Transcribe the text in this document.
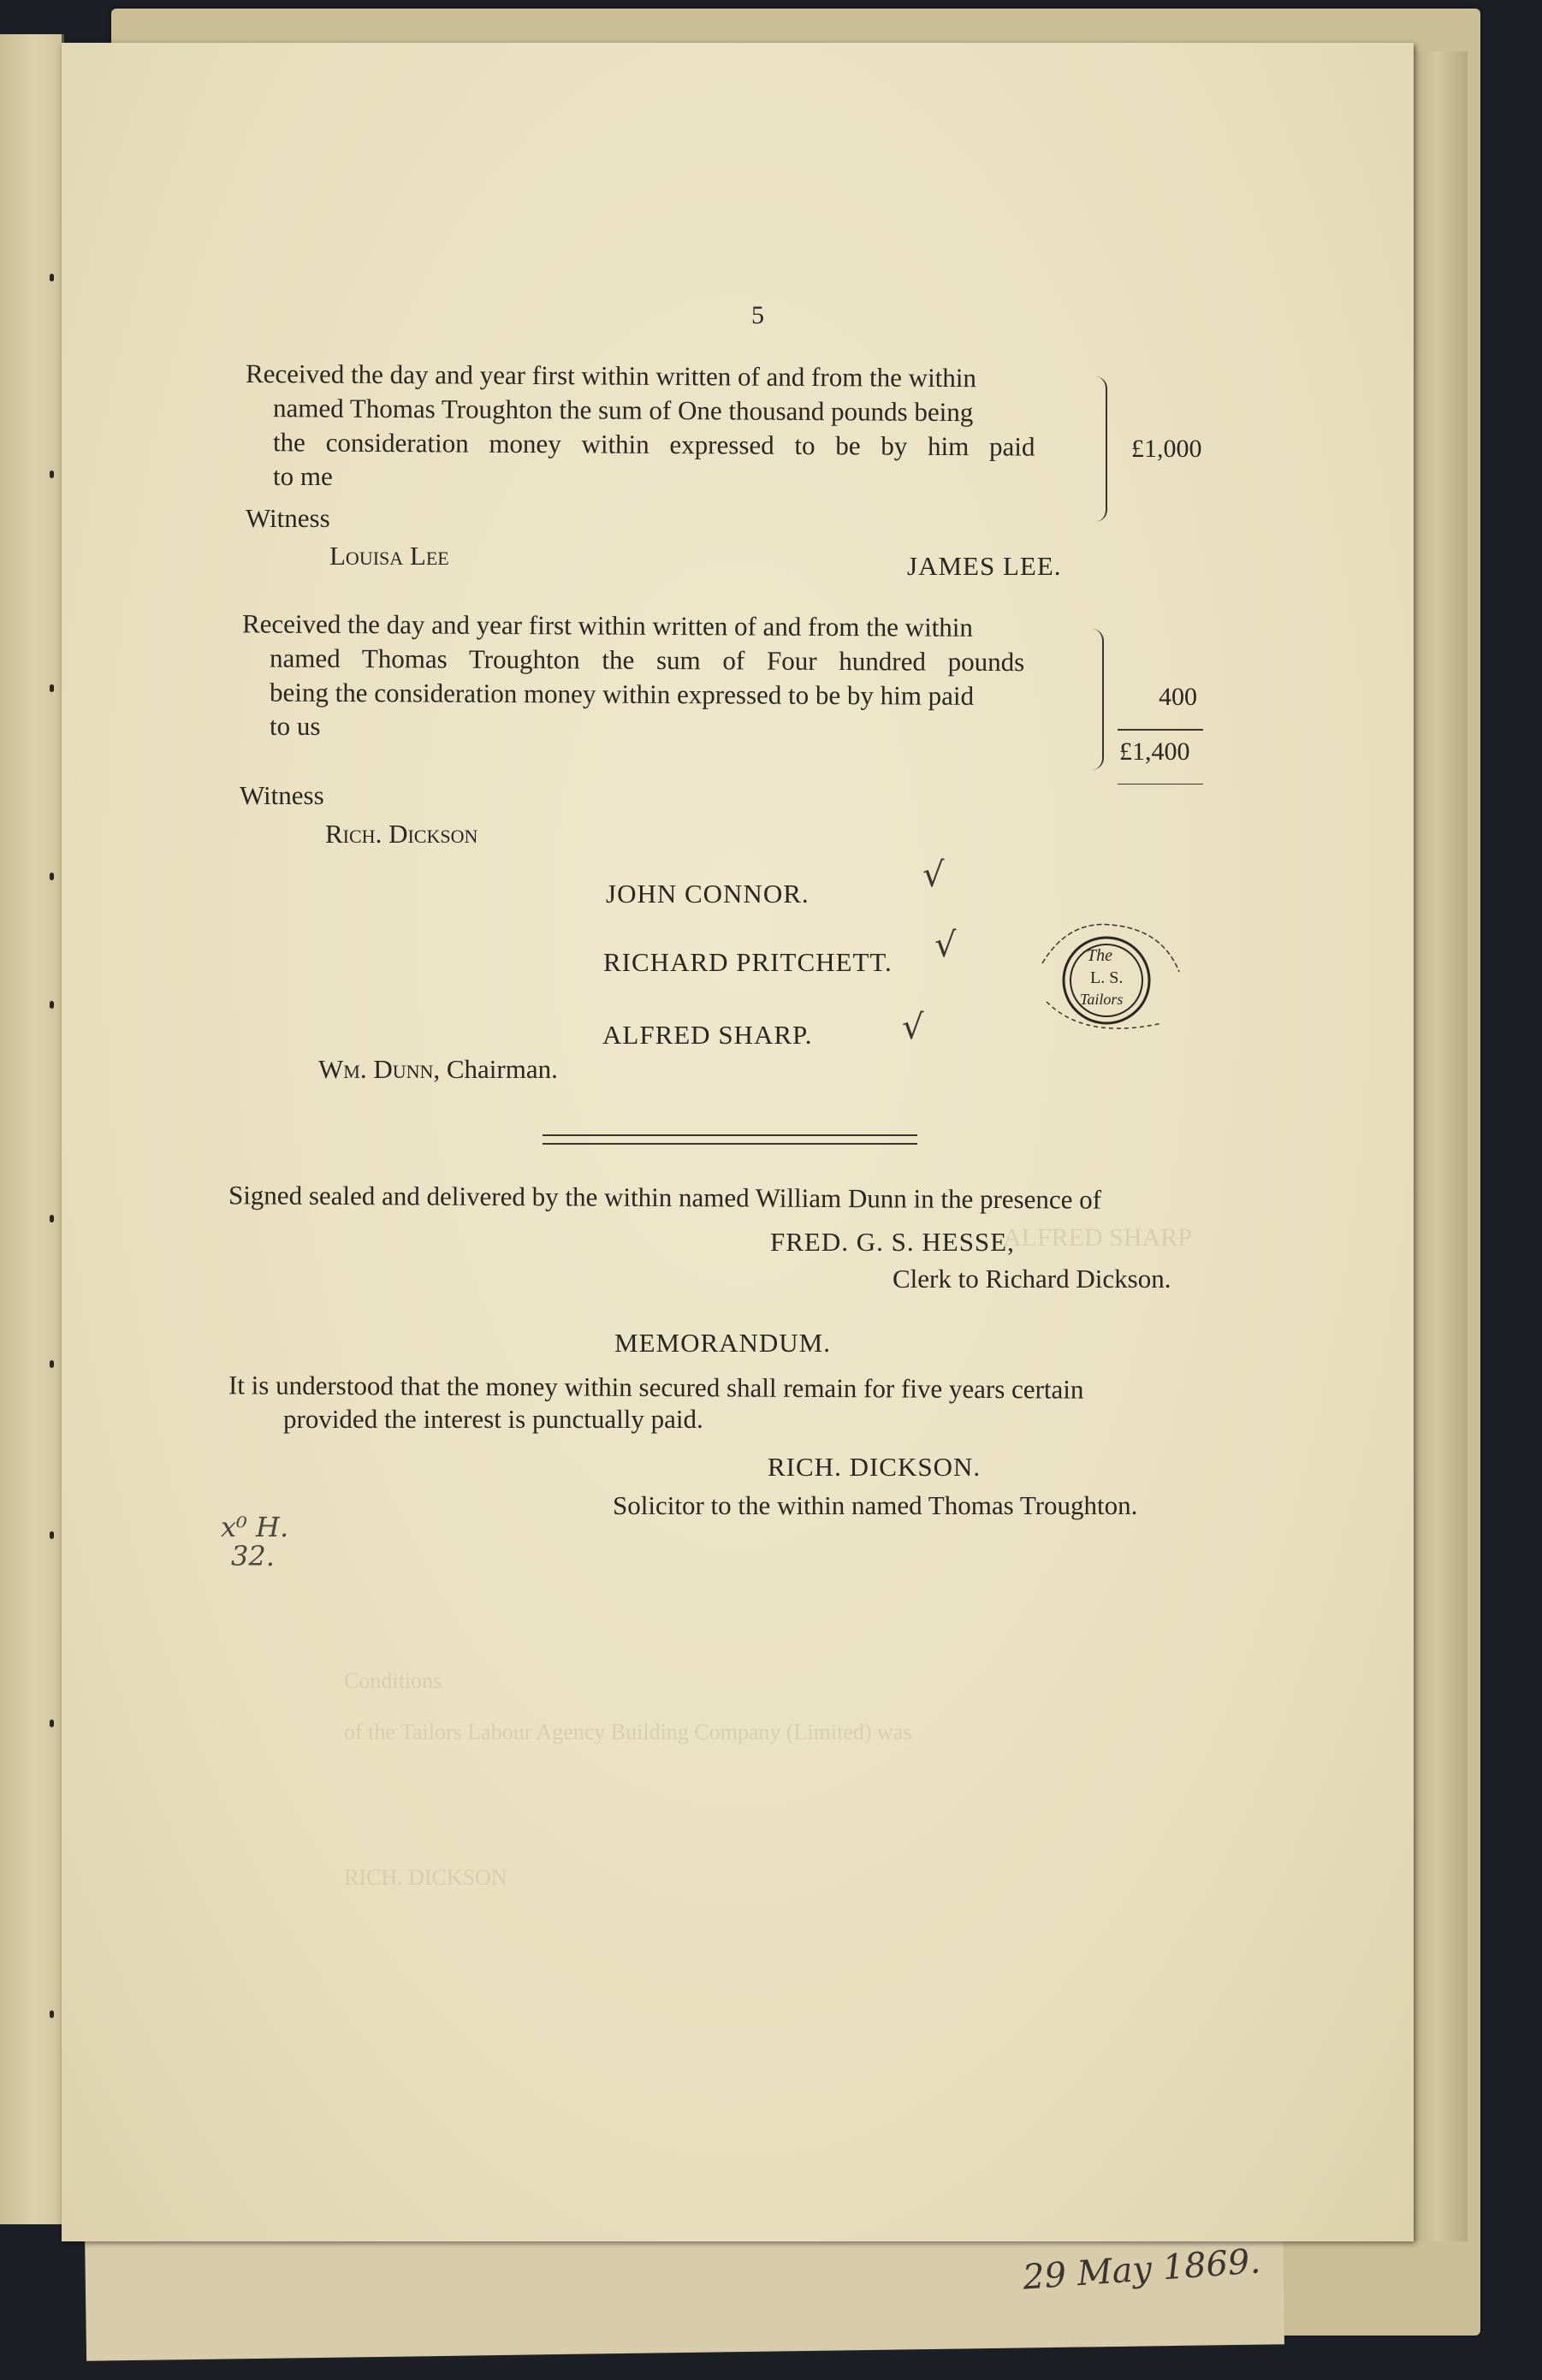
ALFRED SHARP
Conditions
of the Tailors Labour Agency Building Company (Limited) was
RICH. DICKSON
5
Received the day and year first within written of and from the within
named Thomas Troughton the sum of One thousand pounds being
the consideration money within expressed to be by him paid
to me
£1,000
Witness
Louisa Lee	JAMES LEE.
Received the day and year first within written of and from the within
named Thomas Troughton the sum of Four hundred pounds
being the consideration money within expressed to be by him paid
to us
400
£1,400
Witness
Rich. Dickson
JOHN CONNOR.	√
RICHARD PRITCHETT. √
ALFRED SHARP.	√
The
L. S.
Tailors
Wm. Dunn, Chairman.
Signed sealed and delivered by the within named William Dunn in the presence of
FRED. G. S. HESSE,
Clerk to Richard Dickson.
MEMORANDUM.
It is understood that the money within secured shall remain for five years certain
provided the interest is punctually paid.
RICH. DICKSON.
Solicitor to the within named Thomas Troughton.
x⁰ H.
32.
29 May 1869.
